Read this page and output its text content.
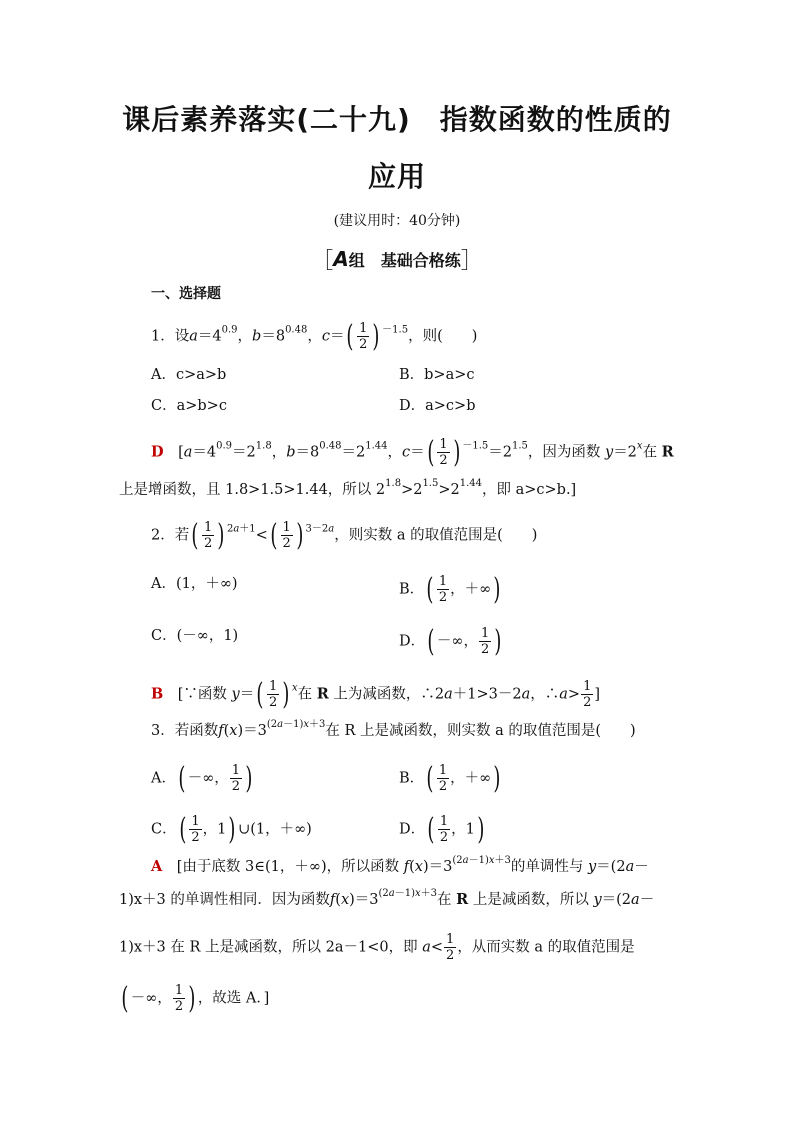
课后素养落实(二十九)　指数函数的性质的
应用
(建议用时：40分钟)
［A组　基础合格练］
一、选择题
1．设$a=4^{0.9}$，$b=8^{0.48}$，$c=( \frac{1}{2}$ ) $^{-1.5}$，则(　　)
A．c>a>b	B．b>a>c
C．a>b>c	D．a>c>b
D　[$a=4^{0.9}=2^{1.8}$，$b=8^{0.48}=2^{1.44}$，$c=( \frac{1}{2}$ ) $^{-1.5}=2^{1.5}$，因为函数 $y=2^x$在 R
上是增函数，且 1.8>1.5>1.44，所以 $2^{1.8}>2^{1.5}>2^{1.44}$，即 a>c>b.]
2．若( $\frac{1}{2}$ ) $^{2a+1}<( \frac{1}{2}$ ) $^{3-2a}$，则实数 a 的取值范围是(　　)
A．(1，＋∞)	B．( $\frac{1}{2}$ ，＋∞)
C．(－∞，1)	D．( －∞， $\frac{1}{2}$ )
B　[∵函数 $y=( \frac{1}{2}$ ) $^x$在 R 上为减函数，∴2a＋1>3－2a，∴a> $\frac{1}{2}$ ]
3．若函数$f(x)=3^{(2a-1)x+3}$在 R 上是减函数，则实数 a 的取值范围是(　　)
A．( －∞， $\frac{1}{2}$ )	B．( $\frac{1}{2}$ ，＋∞)
C．( $\frac{1}{2}$ ，1) ∪(1，＋∞)	D．( $\frac{1}{2}$ ，1)
A　[由于底数 3∈(1，＋∞)，所以函数 $f(x)=3^{(2a-1)x+3}$的单调性与 y＝(2a－
1)x＋3 的单调性相同．因为函数$f(x)=3^{(2a-1)x+3}$在 R 上是减函数，所以 y＝(2a－
1)x＋3 在 R 上是减函数，所以 2a－1<0，即 $a< \frac{1}{2}$ ，从而实数 a 的取值范围是
( －∞， $\frac{1}{2}$ ) ，故选 A．]
